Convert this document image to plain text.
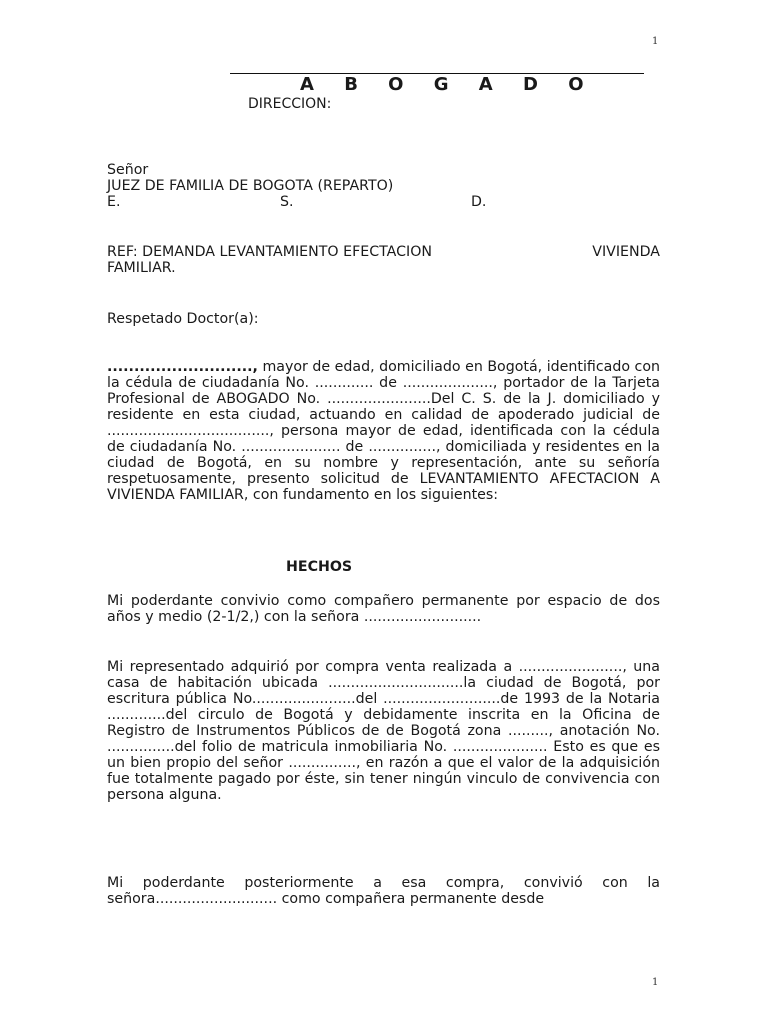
1
A B O G A D O
DIRECCION:
Señor
JUEZ DE FAMILIA DE BOGOTA (REPARTO)
E.	S.	D.
REF: DEMANDA LEVANTAMIENTO EFECTACION	VIVIENDA
FAMILIAR.
Respetado Doctor(a):
..........................., mayor de edad, domiciliado en Bogotá, identificado con la cédula de ciudadanía No. ............. de ...................., portador de la Tarjeta Profesional de ABOGADO No. .......................Del C. S. de la J. domiciliado y residente en esta ciudad, actuando en calidad de apoderado judicial de ...................................., persona mayor de edad, identificada con la cédula de ciudadanía No. ...................... de ..............., domiciliada y residentes en la ciudad de Bogotá, en su nombre y representación, ante su señoría respetuosamente, presento solicitud de LEVANTAMIENTO AFECTACION A VIVIENDA FAMILIAR, con fundamento en los siguientes:
HECHOS
Mi poderdante convivio como compañero permanente por espacio de dos años y medio (2-1/2,) con la señora ..........................
Mi representado adquirió por compra venta realizada a ......................., una casa de habitación ubicada ..............................la ciudad de Bogotá, por escritura pública No.......................del ..........................de 1993 de la Notaria .............del circulo de Bogotá y debidamente inscrita en la Oficina de Registro de Instrumentos Públicos de de Bogotá zona ........., anotación No. ...............del folio de matricula inmobiliaria No. ..................... Esto es que es un bien propio del señor ..............., en razón a que el valor de la adquisición fue totalmente pagado por éste, sin tener ningún vinculo de convivencia con persona alguna.
Mi poderdante posteriormente a esa compra, convivió con la señora........................... como compañera permanente desde
1
